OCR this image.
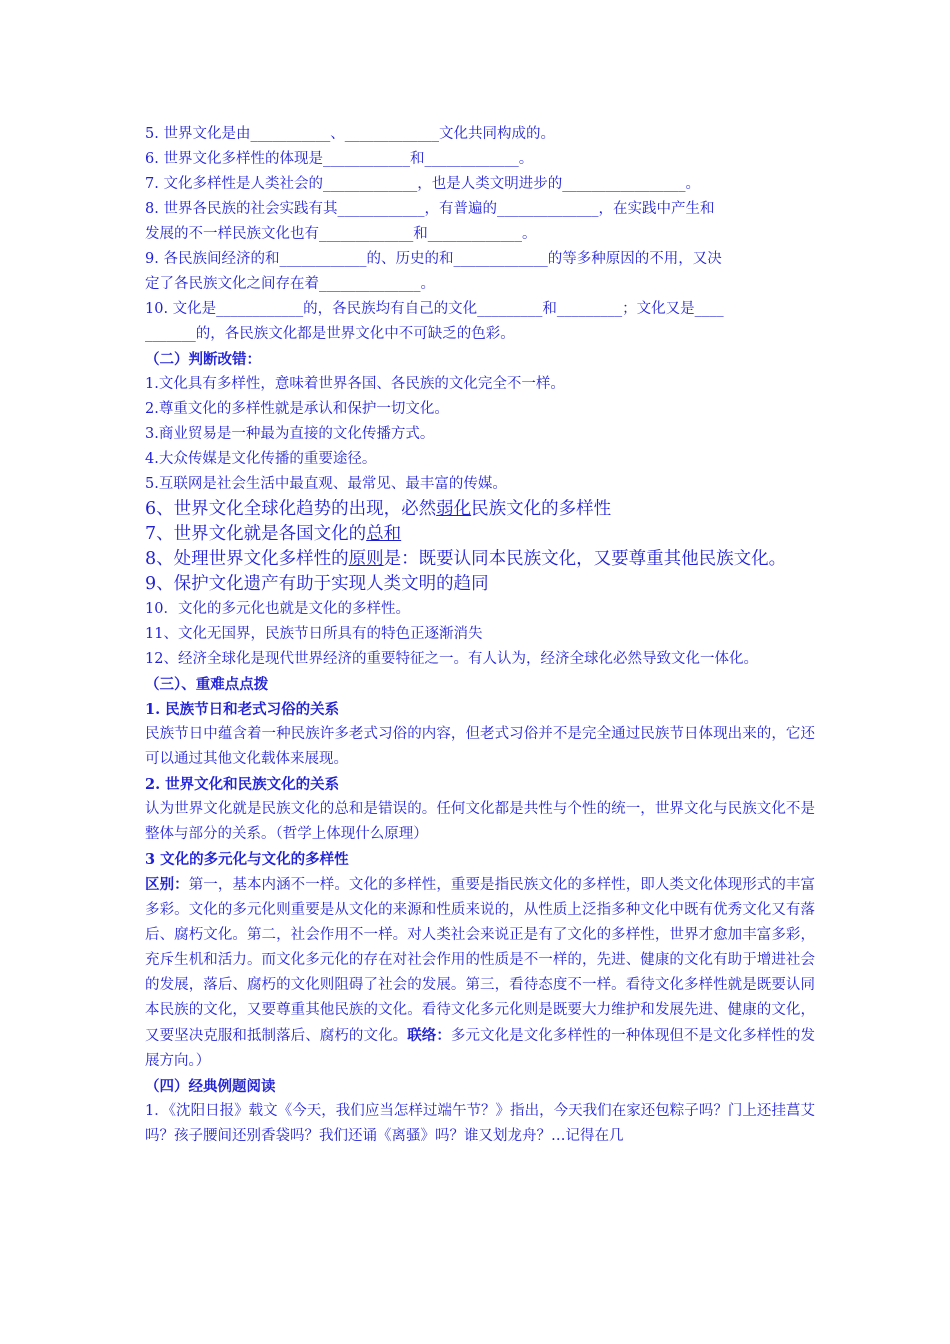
5. 世界文化是由___________、_____________文化共同构成的。
6. 世界文化多样性的体现是____________和_____________。
7. 文化多样性是人类社会的_____________，也是人类文明进步的_________________。
8. 世界各民族的社会实践有其____________，有普遍的______________，在实践中产生和
发展的不一样民族文化也有_____________和_____________。
9. 各民族间经济的和____________的、历史的和_____________的等多种原因的不用，又决
定了各民族文化之间存在着______________。
10. 文化是____________的，各民族均有自己的文化_________和_________；文化又是____
_______的，各民族文化都是世界文化中不可缺乏的色彩。
（二）判断改错：
1.文化具有多样性，意味着世界各国、各民族的文化完全不一样。
2.尊重文化的多样性就是承认和保护一切文化。
3.商业贸易是一种最为直接的文化传播方式。
4.大众传媒是文化传播的重要途径。
5.互联网是社会生活中最直观、最常见、最丰富的传媒。
6、世界文化全球化趋势的出现，必然弱化民族文化的多样性
7、世界文化就是各国文化的总和
8、处理世界文化多样性的原则是：既要认同本民族文化，又要尊重其他民族文化。
9、保护文化遗产有助于实现人类文明的趋同
10．文化的多元化也就是文化的多样性。
11、文化无国界，民族节日所具有的特色正逐渐消失
12、经济全球化是现代世界经济的重要特征之一。有人认为，经济全球化必然导致文化一体化。
（三）、重难点点拨
1. 民族节日和老式习俗的关系
民族节日中蕴含着一种民族许多老式习俗的内容，但老式习俗并不是完全通过民族节日体现出来的，它还可以通过其他文化载体来展现。
2. 世界文化和民族文化的关系
认为世界文化就是民族文化的总和是错误的。任何文化都是共性与个性的统一，世界文化与民族文化不是整体与部分的关系。（哲学上体现什么原理）
3 文化的多元化与文化的多样性
区别：第一，基本内涵不一样。文化的多样性，重要是指民族文化的多样性，即人类文化体现形式的丰富多彩。文化的多元化则重要是从文化的来源和性质来说的，从性质上泛指多种文化中既有优秀文化又有落后、腐朽文化。第二，社会作用不一样。对人类社会来说正是有了文化的多样性，世界才愈加丰富多彩，充斥生机和活力。而文化多元化的存在对社会作用的性质是不一样的，先进、健康的文化有助于增进社会的发展，落后、腐朽的文化则阻碍了社会的发展。第三，看待态度不一样。看待文化多样性就是既要认同本民族的文化，又要尊重其他民族的文化。看待文化多元化则是既要大力维护和发展先进、健康的文化，又要坚决克服和抵制落后、腐朽的文化。联络：多元文化是文化多样性的一种体现但不是文化多样性的发展方向。）
（四）经典例题阅读
1．《沈阳日报》载文《今天，我们应当怎样过端午节？》指出，今天我们在家还包粽子吗？门上还挂菖艾吗？孩子腰间还别香袋吗？我们还诵《离骚》吗？谁又划龙舟？…记得在几
